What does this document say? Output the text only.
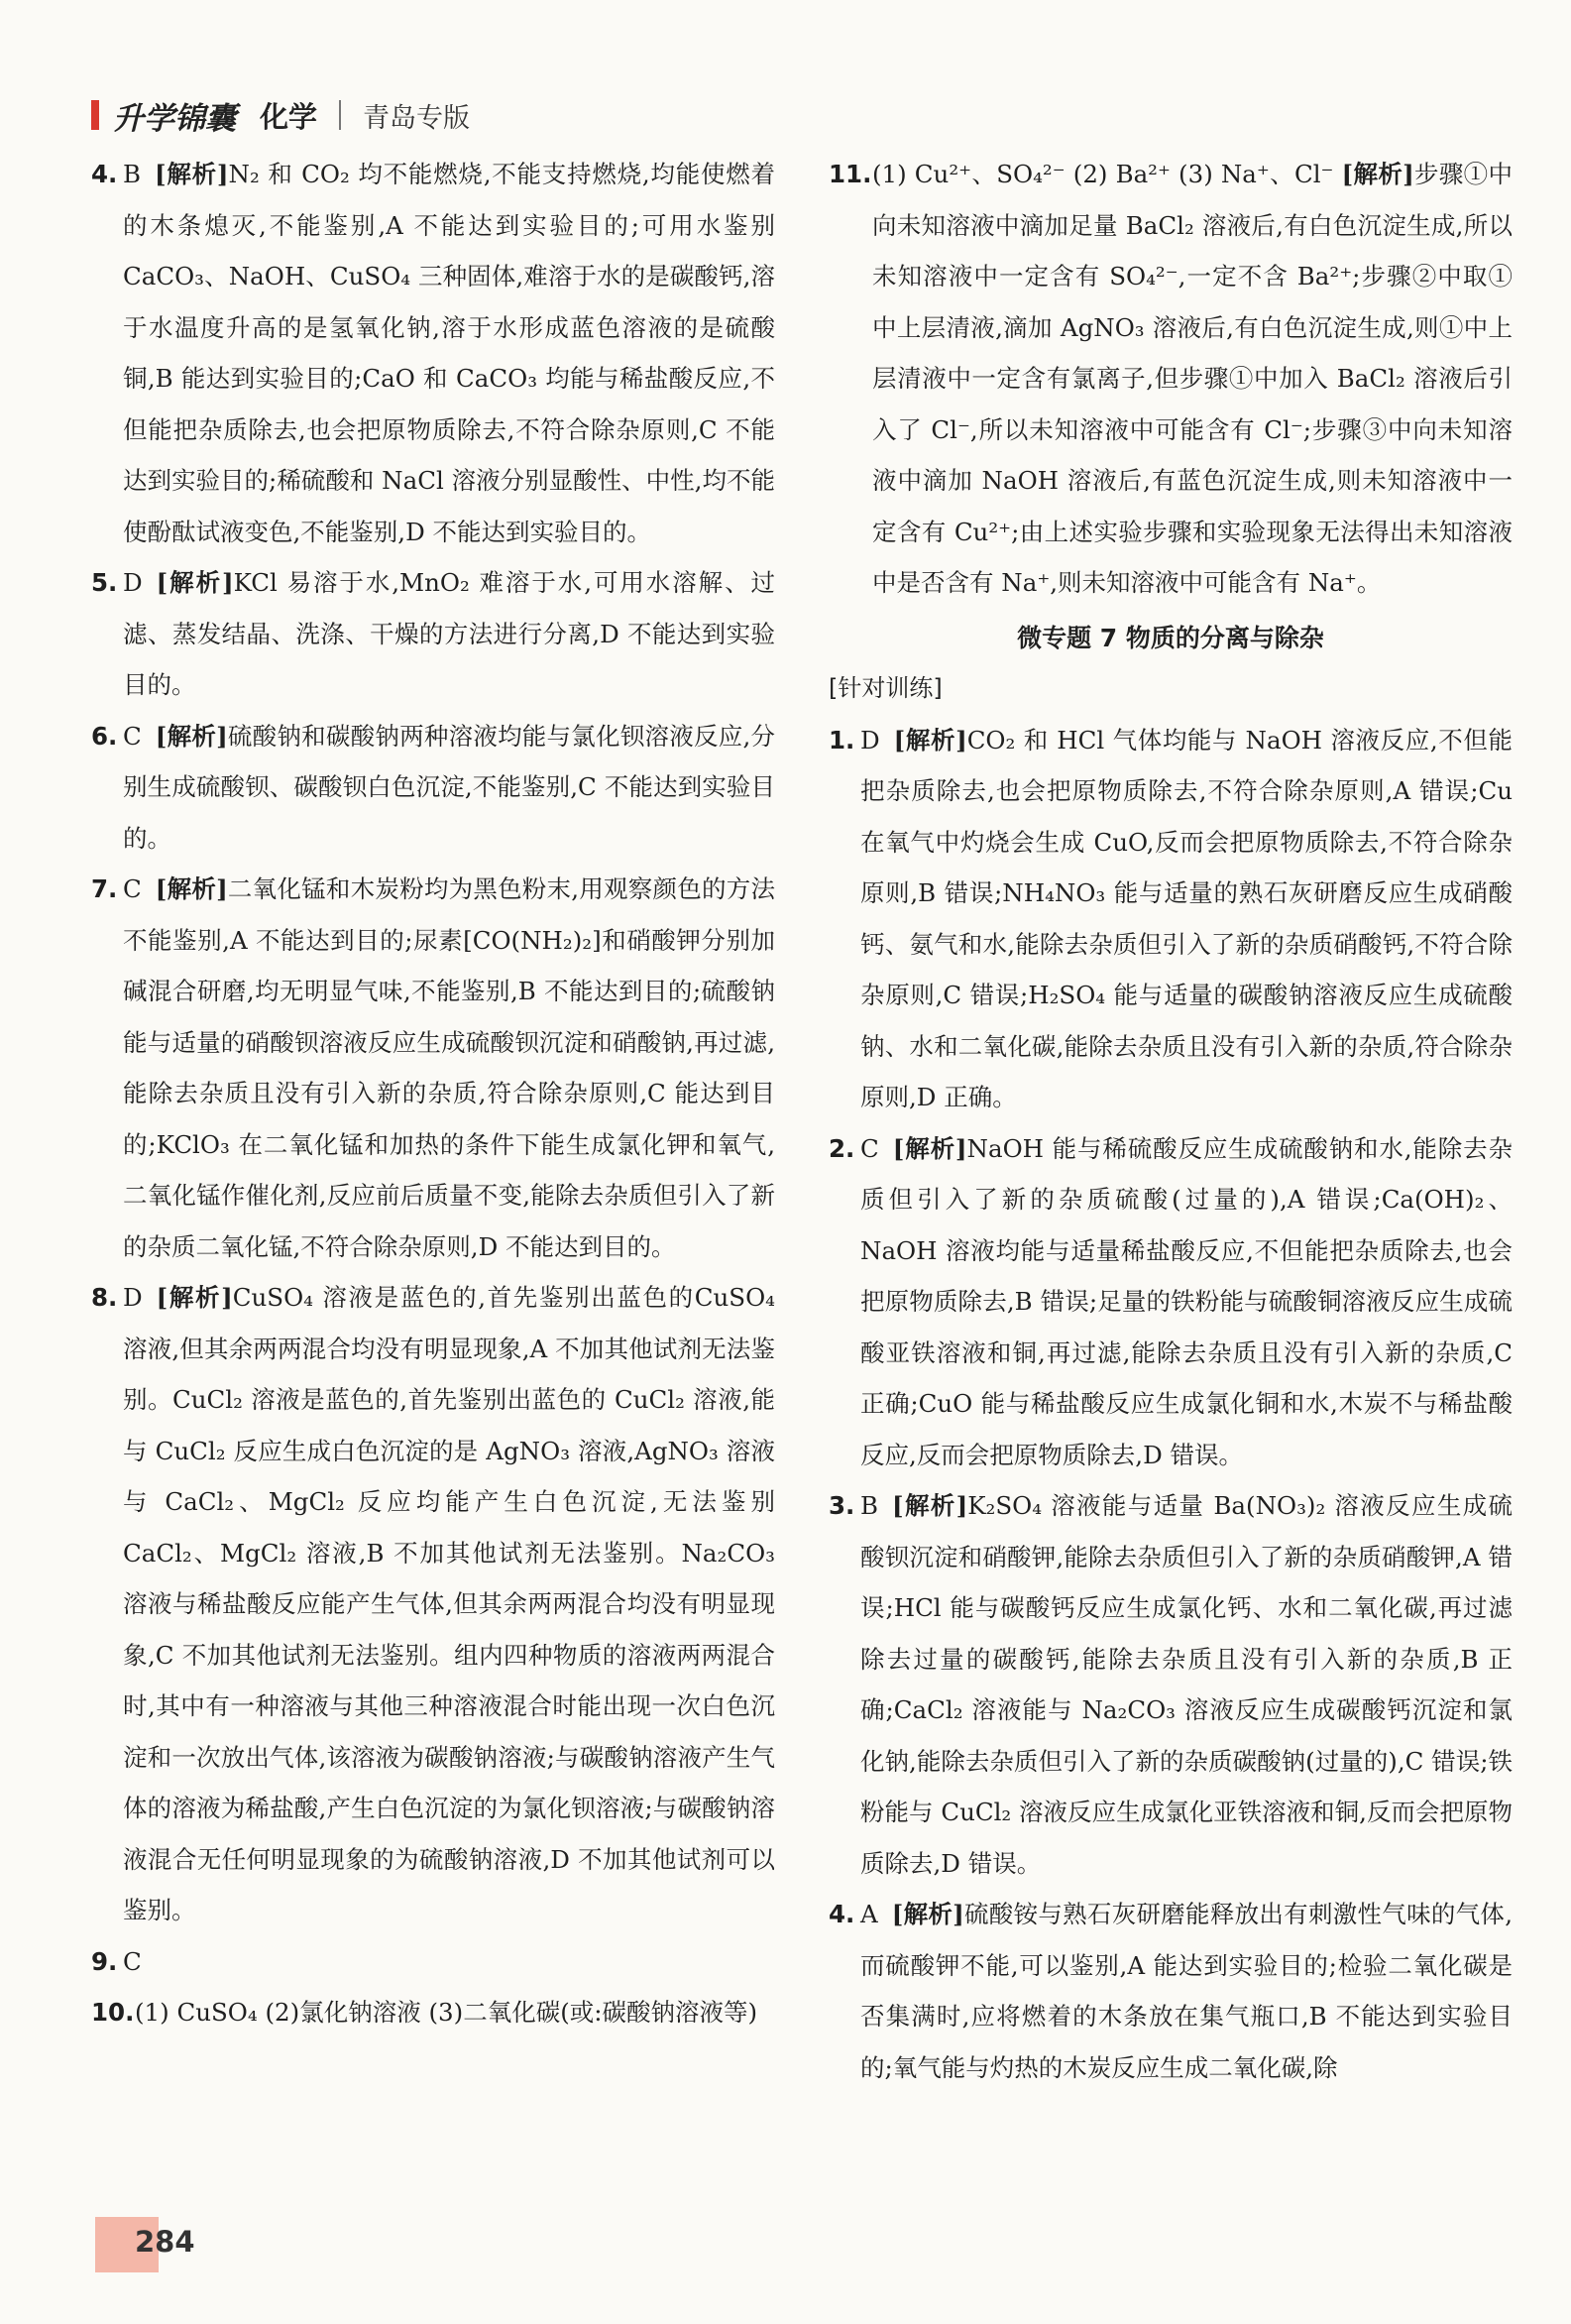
升学锦囊 化学 青岛专版
4. B [解析]N₂ 和 CO₂ 均不能燃烧,不能支持燃烧,均能使燃着的木条熄灭,不能鉴别,A 不能达到实验目的;可用水鉴别 CaCO₃、NaOH、CuSO₄ 三种固体,难溶于水的是碳酸钙,溶于水温度升高的是氢氧化钠,溶于水形成蓝色溶液的是硫酸铜,B 能达到实验目的;CaO 和 CaCO₃ 均能与稀盐酸反应,不但能把杂质除去,也会把原物质除去,不符合除杂原则,C 不能达到实验目的;稀硫酸和 NaCl 溶液分别显酸性、中性,均不能使酚酞试液变色,不能鉴别,D 不能达到实验目的。
5. D [解析]KCl 易溶于水,MnO₂ 难溶于水,可用水溶解、过滤、蒸发结晶、洗涤、干燥的方法进行分离,D 不能达到实验目的。
6. C [解析]硫酸钠和碳酸钠两种溶液均能与氯化钡溶液反应,分别生成硫酸钡、碳酸钡白色沉淀,不能鉴别,C 不能达到实验目的。
7. C [解析]二氧化锰和木炭粉均为黑色粉末,用观察颜色的方法不能鉴别,A 不能达到目的;尿素[CO(NH₂)₂]和硝酸钾分别加碱混合研磨,均无明显气味,不能鉴别,B 不能达到目的;硫酸钠能与适量的硝酸钡溶液反应生成硫酸钡沉淀和硝酸钠,再过滤,能除去杂质且没有引入新的杂质,符合除杂原则,C 能达到目的;KClO₃ 在二氧化锰和加热的条件下能生成氯化钾和氧气,二氧化锰作催化剂,反应前后质量不变,能除去杂质但引入了新的杂质二氧化锰,不符合除杂原则,D 不能达到目的。
8. D [解析]CuSO₄ 溶液是蓝色的,首先鉴别出蓝色的CuSO₄ 溶液,但其余两两混合均没有明显现象,A 不加其他试剂无法鉴别。CuCl₂ 溶液是蓝色的,首先鉴别出蓝色的 CuCl₂ 溶液,能与 CuCl₂ 反应生成白色沉淀的是 AgNO₃ 溶液,AgNO₃ 溶液与 CaCl₂、MgCl₂ 反应均能产生白色沉淀,无法鉴别 CaCl₂、MgCl₂ 溶液,B 不加其他试剂无法鉴别。Na₂CO₃ 溶液与稀盐酸反应能产生气体,但其余两两混合均没有明显现象,C 不加其他试剂无法鉴别。组内四种物质的溶液两两混合时,其中有一种溶液与其他三种溶液混合时能出现一次白色沉淀和一次放出气体,该溶液为碳酸钠溶液;与碳酸钠溶液产生气体的溶液为稀盐酸,产生白色沉淀的为氯化钡溶液;与碳酸钠溶液混合无任何明显现象的为硫酸钠溶液,D 不加其他试剂可以鉴别。
9. C
10. (1) CuSO₄ (2)氯化钠溶液 (3)二氧化碳(或:碳酸钠溶液等)
11. (1) Cu²⁺、SO₄²⁻ (2) Ba²⁺ (3) Na⁺、Cl⁻ [解析]步骤①中向未知溶液中滴加足量 BaCl₂ 溶液后,有白色沉淀生成,所以未知溶液中一定含有 SO₄²⁻,一定不含 Ba²⁺;步骤②中取①中上层清液,滴加 AgNO₃ 溶液后,有白色沉淀生成,则①中上层清液中一定含有氯离子,但步骤①中加入 BaCl₂ 溶液后引入了 Cl⁻,所以未知溶液中可能含有 Cl⁻;步骤③中向未知溶液中滴加 NaOH 溶液后,有蓝色沉淀生成,则未知溶液中一定含有 Cu²⁺;由上述实验步骤和实验现象无法得出未知溶液中是否含有 Na⁺,则未知溶液中可能含有 Na⁺。
微专题 7 物质的分离与除杂
[针对训练]
1. D [解析]CO₂ 和 HCl 气体均能与 NaOH 溶液反应,不但能把杂质除去,也会把原物质除去,不符合除杂原则,A 错误;Cu 在氧气中灼烧会生成 CuO,反而会把原物质除去,不符合除杂原则,B 错误;NH₄NO₃ 能与适量的熟石灰研磨反应生成硝酸钙、氨气和水,能除去杂质但引入了新的杂质硝酸钙,不符合除杂原则,C 错误;H₂SO₄ 能与适量的碳酸钠溶液反应生成硫酸钠、水和二氧化碳,能除去杂质且没有引入新的杂质,符合除杂原则,D 正确。
2. C [解析]NaOH 能与稀硫酸反应生成硫酸钠和水,能除去杂质但引入了新的杂质硫酸(过量的),A 错误;Ca(OH)₂、NaOH 溶液均能与适量稀盐酸反应,不但能把杂质除去,也会把原物质除去,B 错误;足量的铁粉能与硫酸铜溶液反应生成硫酸亚铁溶液和铜,再过滤,能除去杂质且没有引入新的杂质,C 正确;CuO 能与稀盐酸反应生成氯化铜和水,木炭不与稀盐酸反应,反而会把原物质除去,D 错误。
3. B [解析]K₂SO₄ 溶液能与适量 Ba(NO₃)₂ 溶液反应生成硫酸钡沉淀和硝酸钾,能除去杂质但引入了新的杂质硝酸钾,A 错误;HCl 能与碳酸钙反应生成氯化钙、水和二氧化碳,再过滤除去过量的碳酸钙,能除去杂质且没有引入新的杂质,B 正确;CaCl₂ 溶液能与 Na₂CO₃ 溶液反应生成碳酸钙沉淀和氯化钠,能除去杂质但引入了新的杂质碳酸钠(过量的),C 错误;铁粉能与 CuCl₂ 溶液反应生成氯化亚铁溶液和铜,反而会把原物质除去,D 错误。
4. A [解析]硫酸铵与熟石灰研磨能释放出有刺激性气味的气体,而硫酸钾不能,可以鉴别,A 能达到实验目的;检验二氧化碳是否集满时,应将燃着的木条放在集气瓶口,B 不能达到实验目的;氧气能与灼热的木炭反应生成二氧化碳,除
284
